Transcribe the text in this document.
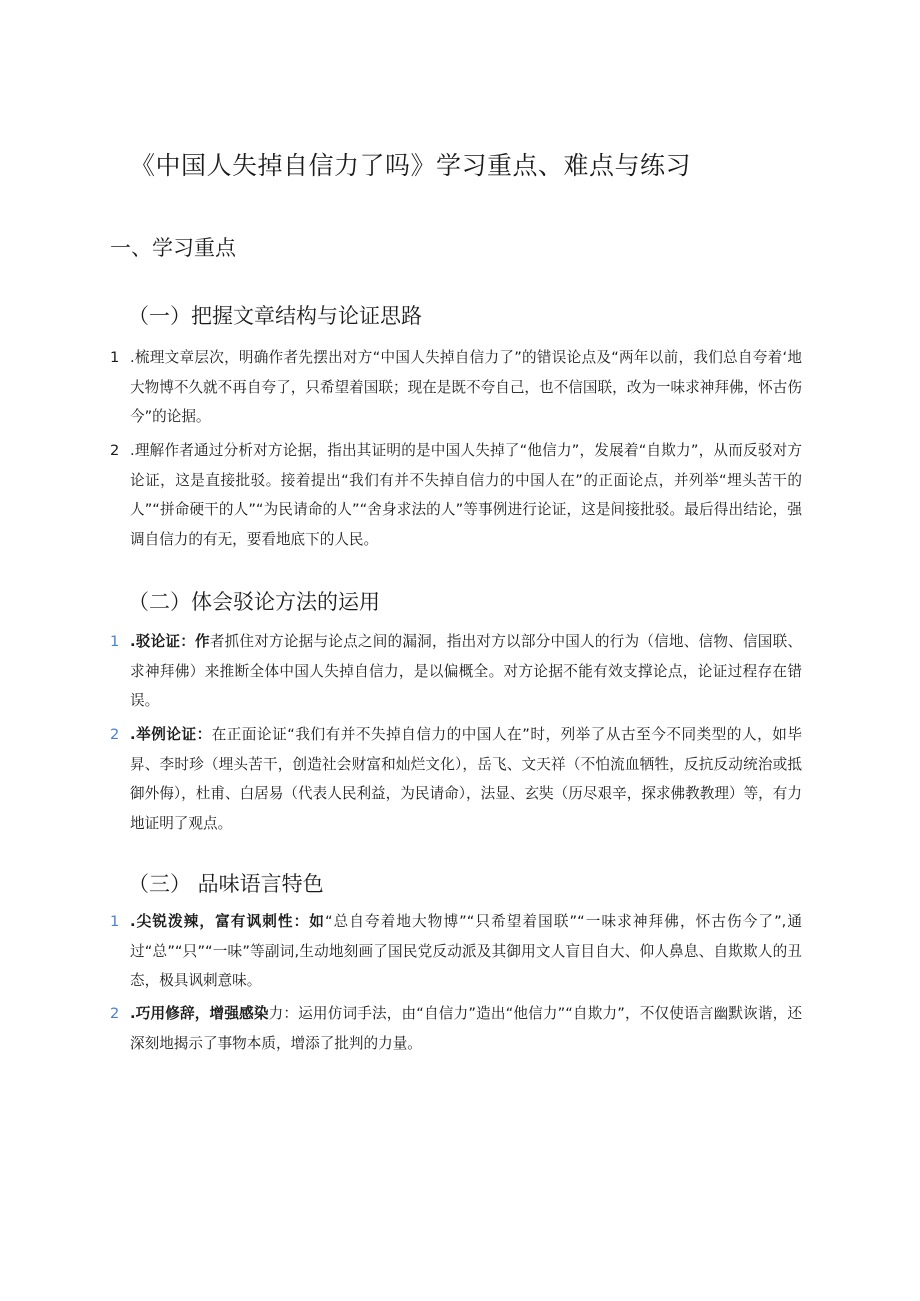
《中国人失掉自信力了吗》学习重点、难点与练习
一、学习重点
（一）把握文章结构与论证思路
1 .梳理文章层次，明确作者先摆出对方“中国人失掉自信力了”的错误论点及“两年以前，我们总自夸着‘地大物博不久就不再自夸了，只希望着国联；现在是既不夸自己，也不信国联，改为一味求神拜佛，怀古伤今”的论据。
2 .理解作者通过分析对方论据，指出其证明的是中国人失掉了“他信力”，发展着“自欺力”，从而反驳对方论证，这是直接批驳。接着提出“我们有并不失掉自信力的中国人在”的正面论点，并列举“埋头苦干的人”“拼命硬干的人”“为民请命的人”“舍身求法的人”等事例进行论证，这是间接批驳。最后得出结论，强调自信力的有无，要看地底下的人民。
（二）体会驳论方法的运用
1 .驳论证：作者抓住对方论据与论点之间的漏洞，指出对方以部分中国人的行为（信地、信物、信国联、求神拜佛）来推断全体中国人失掉自信力，是以偏概全。对方论据不能有效支撑论点，论证过程存在错误。
2 .举例论证：在正面论证“我们有并不失掉自信力的中国人在”时，列举了从古至今不同类型的人，如毕昇、李时珍（埋头苦干，创造社会财富和灿烂文化），岳飞、文天祥（不怕流血牺牲，反抗反动统治或抵御外侮），杜甫、白居易（代表人民利益，为民请命），法显、玄奘（历尽艰辛，探求佛教教理）等，有力地证明了观点。
（三） 品味语言特色
1 .尖锐泼辣，富有讽刺性：如“总自夸着地大物博”“只希望着国联”“一味求神拜佛，怀古伤今了”,通过“总”“只”“一味”等副词,生动地刻画了国民党反动派及其御用文人盲目自大、仰人鼻息、自欺欺人的丑态，极具讽刺意味。
2 .巧用修辞，增强感染力：运用仿词手法，由“自信力”造出“他信力”“自欺力”，不仅使语言幽默诙谐，还深刻地揭示了事物本质，增添了批判的力量。
